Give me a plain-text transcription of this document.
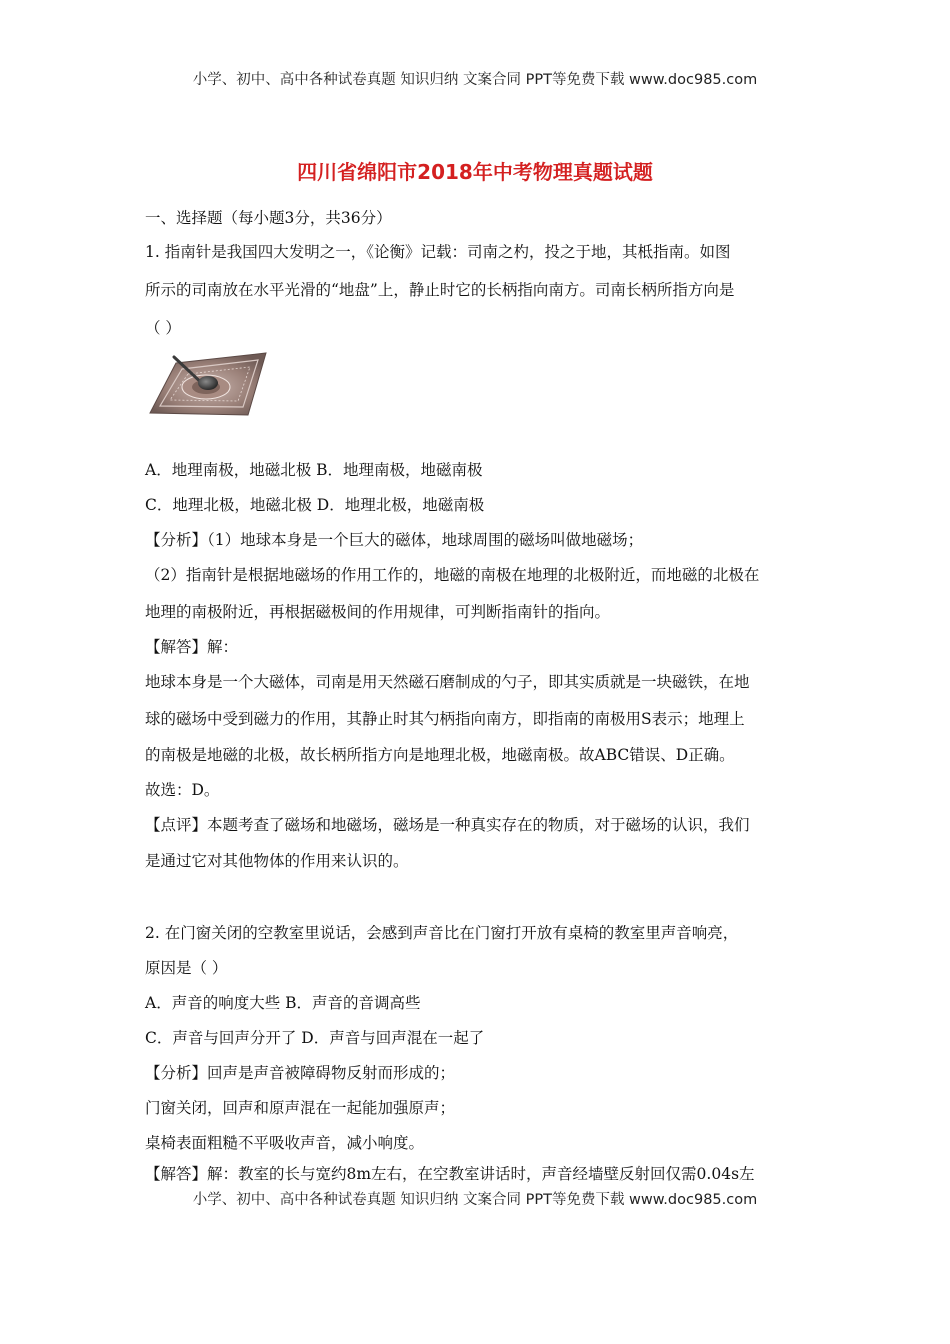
小学、初中、高中各种试卷真题 知识归纳 文案合同 PPT等免费下载 www.doc985.com
四川省绵阳市2018年中考物理真题试题
一、选择题（每小题3分，共36分）
1. 指南针是我国四大发明之一，《论衡》记载：司南之杓，投之于地，其柢指南。如图
所示的司南放在水平光滑的“地盘”上，静止时它的长柄指向南方。司南长柄所指方向是
（ ）
A．地理南极，地磁北极 B．地理南极，地磁南极
C．地理北极，地磁北极 D．地理北极，地磁南极
【分析】（1）地球本身是一个巨大的磁体，地球周围的磁场叫做地磁场；
（2）指南针是根据地磁场的作用工作的，地磁的南极在地理的北极附近，而地磁的北极在
地理的南极附近，再根据磁极间的作用规律，可判断指南针的指向。
【解答】解：
地球本身是一个大磁体，司南是用天然磁石磨制成的勺子，即其实质就是一块磁铁，在地
球的磁场中受到磁力的作用，其静止时其勺柄指向南方，即指南的南极用S表示；地理上
的南极是地磁的北极，故长柄所指方向是地理北极，地磁南极。故ABC错误、D正确。
故选：D。
【点评】本题考查了磁场和地磁场，磁场是一种真实存在的物质，对于磁场的认识，我们
是通过它对其他物体的作用来认识的。
2. 在门窗关闭的空教室里说话，会感到声音比在门窗打开放有桌椅的教室里声音响亮，
原因是（ ）
A．声音的响度大些 B．声音的音调高些
C．声音与回声分开了 D．声音与回声混在一起了
【分析】回声是声音被障碍物反射而形成的；
门窗关闭，回声和原声混在一起能加强原声；
桌椅表面粗糙不平吸收声音，减小响度。
【解答】解：教室的长与宽约8m左右，在空教室讲话时，声音经墙壁反射回仅需0.04s左
小学、初中、高中各种试卷真题 知识归纳 文案合同 PPT等免费下载 www.doc985.com
